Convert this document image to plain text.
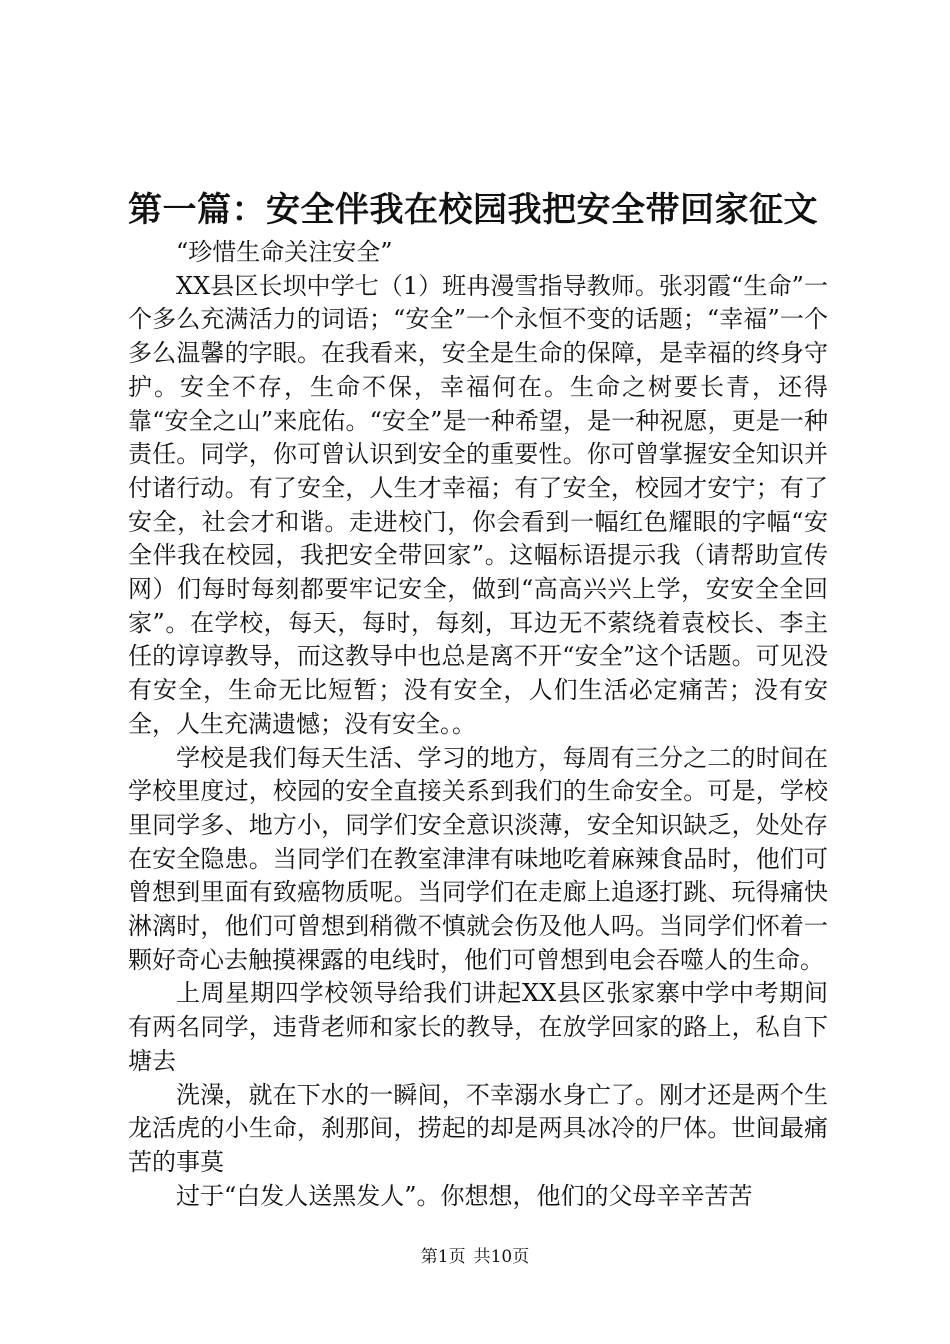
第一篇：安全伴我在校园我把安全带回家征文

“珍惜生命关注安全”

XX县区长坝中学七（1）班冉漫雪指导教师。张羽霞“生命”一个多么充满活力的词语；“安全”一个永恒不变的话题；“幸福”一个多么温馨的字眼。在我看来，安全是生命的保障，是幸福的终身守护。安全不存，生命不保，幸福何在。生命之树要长青，还得靠“安全之山”来庇佑。“安全”是一种希望，是一种祝愿，更是一种责任。同学，你可曾认识到安全的重要性。你可曾掌握安全知识并付诸行动。有了安全，人生才幸福；有了安全，校园才安宁；有了安全，社会才和谐。走进校门，你会看到一幅红色耀眼的字幅“安全伴我在校园，我把安全带回家”。这幅标语提示我（请帮助宣传网）们每时每刻都要牢记安全，做到“高高兴兴上学，安安全全回家”。在学校，每天，每时，每刻，耳边无不萦绕着袁校长、李主任的谆谆教导，而这教导中也总是离不开“安全”这个话题。可见没有安全，生命无比短暂；没有安全，人们生活必定痛苦；没有安全，人生充满遗憾；没有安全。。

学校是我们每天生活、学习的地方，每周有三分之二的时间在学校里度过，校园的安全直接关系到我们的生命安全。可是，学校里同学多、地方小，同学们安全意识淡薄，安全知识缺乏，处处存在安全隐患。当同学们在教室津津有味地吃着麻辣食品时，他们可曾想到里面有致癌物质呢。当同学们在走廊上追逐打跳、玩得痛快淋漓时，他们可曾想到稍微不慎就会伤及他人吗。当同学们怀着一颗好奇心去触摸裸露的电线时，他们可曾想到电会吞噬人的生命。

上周星期四学校领导给我们讲起XX县区张家寨中学中考期间有两名同学，违背老师和家长的教导，在放学回家的路上，私自下塘去

洗澡，就在下水的一瞬间，不幸溺水身亡了。刚才还是两个生龙活虎的小生命，刹那间，捞起的却是两具冰冷的尸体。世间最痛苦的事莫

过于“白发人送黑发人”。你想想，他们的父母辛辛苦苦

第1页 共10页
